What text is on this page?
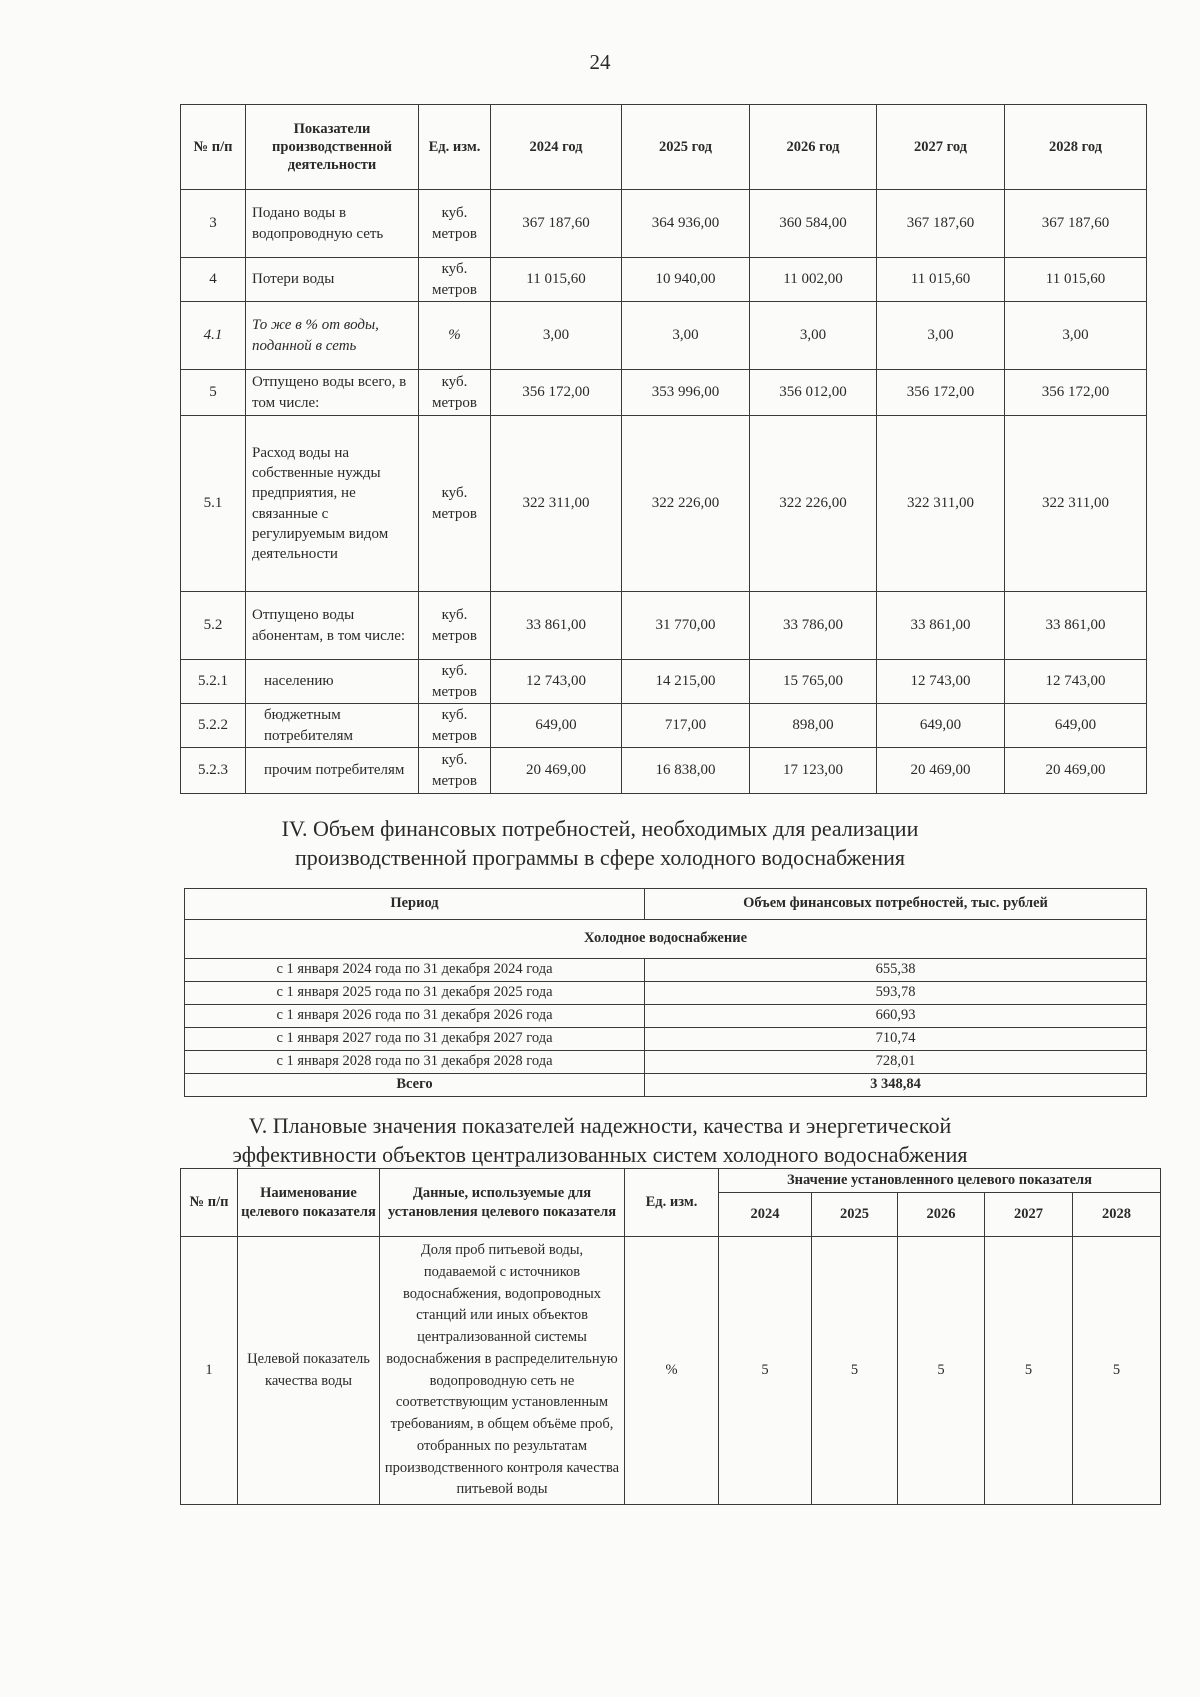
24
№ п/п	Показатели производственной деятельности	Ед. изм.	2024 год	2025 год	2026 год	2027 год	2028 год
3	Подано воды в водопроводную сеть	куб. метров	367 187,60	364 936,00	360 584,00	367 187,60	367 187,60
4	Потери воды	куб. метров	11 015,60	10 940,00	11 002,00	11 015,60	11 015,60
4.1	То же в % от воды, поданной в сеть	%	3,00	3,00	3,00	3,00	3,00
5	Отпущено воды всего, в том числе:	куб. метров	356 172,00	353 996,00	356 012,00	356 172,00	356 172,00
5.1	Расход воды на собственные нужды предприятия, не связанные с регулируемым видом деятельности	куб. метров	322 311,00	322 226,00	322 226,00	322 311,00	322 311,00
5.2	Отпущено воды абонентам, в том числе:	куб. метров	33 861,00	31 770,00	33 786,00	33 861,00	33 861,00
5.2.1	населению	куб. метров	12 743,00	14 215,00	15 765,00	12 743,00	12 743,00
5.2.2	бюджетным потребителям	куб. метров	649,00	717,00	898,00	649,00	649,00
5.2.3	прочим потребителям	куб. метров	20 469,00	16 838,00	17 123,00	20 469,00	20 469,00
IV. Объем финансовых потребностей, необходимых для реализации
производственной программы в сфере холодного водоснабжения
Период	Объем финансовых потребностей, тыс. рублей
Холодное водоснабжение	
с 1 января 2024 года по 31 декабря 2024 года	655,38
с 1 января 2025 года по 31 декабря 2025 года	593,78
с 1 января 2026 года по 31 декабря 2026 года	660,93
с 1 января 2027 года по 31 декабря 2027 года	710,74
с 1 января 2028 года по 31 декабря 2028 года	728,01
Всего	3 348,84
V. Плановые значения показателей надежности, качества и энергетической
эффективности объектов централизованных систем холодного водоснабжения
№ п/п	Наименование целевого показателя	Данные, используемые для установления целевого показателя	Ед. изм.	Значение установленного целевого показателя				
				2024	2025	2026	2027	2028
1	Целевой показатель качества воды	Доля проб питьевой воды, подаваемой с источников водоснабжения, водопроводных станций или иных объектов централизованной системы водоснабжения в распределительную водопроводную сеть не соответствующим установленным требованиям, в общем объёме проб, отобранных по результатам производственного контроля качества питьевой воды	%	5	5	5	5	5
